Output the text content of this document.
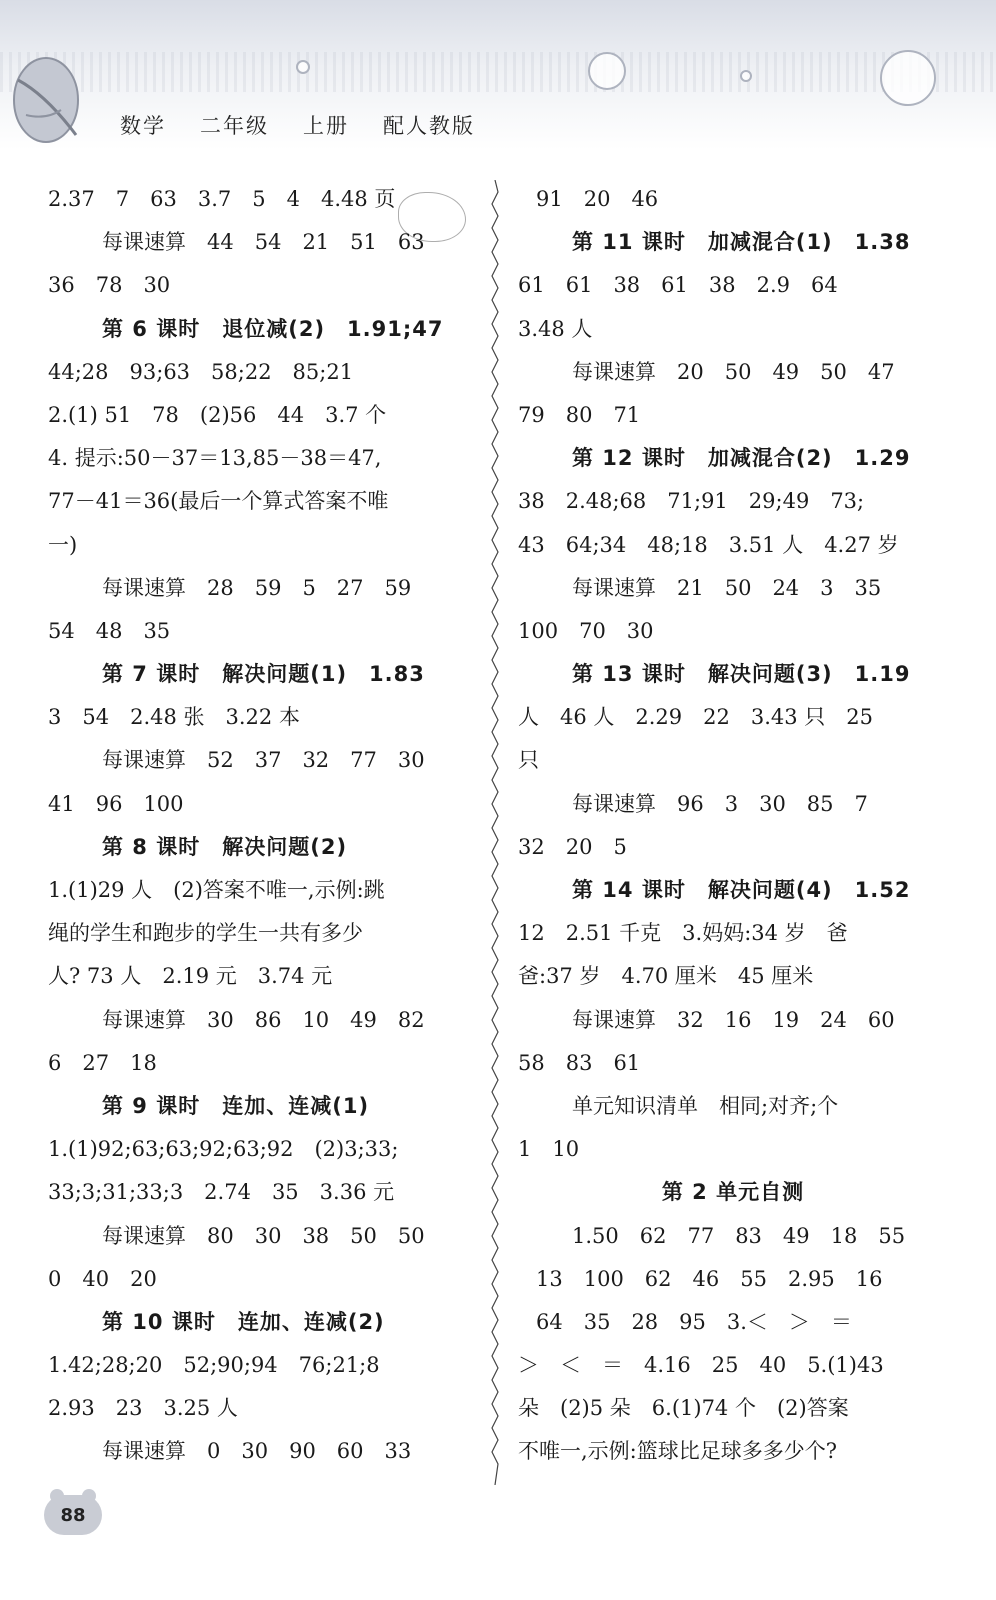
数学 二年级 上册 配人教版
2.37　7　63　3.7　5　4　4.48 页
每课速算　44　54　21　51　63
36　78　30
第 6 课时　退位减(2)　1.91;47
44;28　93;63　58;22　85;21
2.(1) 51　78　(2)56　44　3.7 个
4. 提示:50－37＝13,85－38＝47,
77－41＝36(最后一个算式答案不唯
一)
每课速算　28　59　5　27　59
54　48　35
第 7 课时　解决问题(1)　1.83
3　54　2.48 张　3.22 本
每课速算　52　37　32　77　30
41　96　100
第 8 课时　解决问题(2)
1.(1)29 人　(2)答案不唯一,示例:跳
绳的学生和跑步的学生一共有多少
人? 73 人　2.19 元　3.74 元
每课速算　30　86　10　49　82
6　27　18
第 9 课时　连加、连减(1)
1.(1)92;63;63;92;63;92　(2)3;33;
33;3;31;33;3　2.74　35　3.36 元
每课速算　80　30　38　50　50
0　40　20
第 10 课时　连加、连减(2)
1.42;28;20　52;90;94　76;21;8
2.93　23　3.25 人
每课速算　0　30　90　60　33
91　20　46
第 11 课时　加减混合(1)　1.38
61　61　38　61　38　2.9　64
3.48 人
每课速算　20　50　49　50　47
79　80　71
第 12 课时　加减混合(2)　1.29
38　2.48;68　71;91　29;49　73;
43　64;34　48;18　3.51 人　4.27 岁
每课速算　21　50　24　3　35
100　70　30
第 13 课时　解决问题(3)　1.19
人　46 人　2.29　22　3.43 只　25
只
每课速算　96　3　30　85　7
32　20　5
第 14 课时　解决问题(4)　1.52
12　2.51 千克　3.妈妈:34 岁　爸
爸:37 岁　4.70 厘米　45 厘米
每课速算　32　16　19　24　60
58　83　61
单元知识清单　相同;对齐;个
1　10
第 2 单元自测
1.50　62　77　83　49　18　55
13　100　62　46　55　2.95　16
64　35　28　95　3.＜　＞　＝
＞　＜　＝　4.16　25　40　5.(1)43
朵　(2)5 朵　6.(1)74 个　(2)答案
不唯一,示例:篮球比足球多多少个?
88
